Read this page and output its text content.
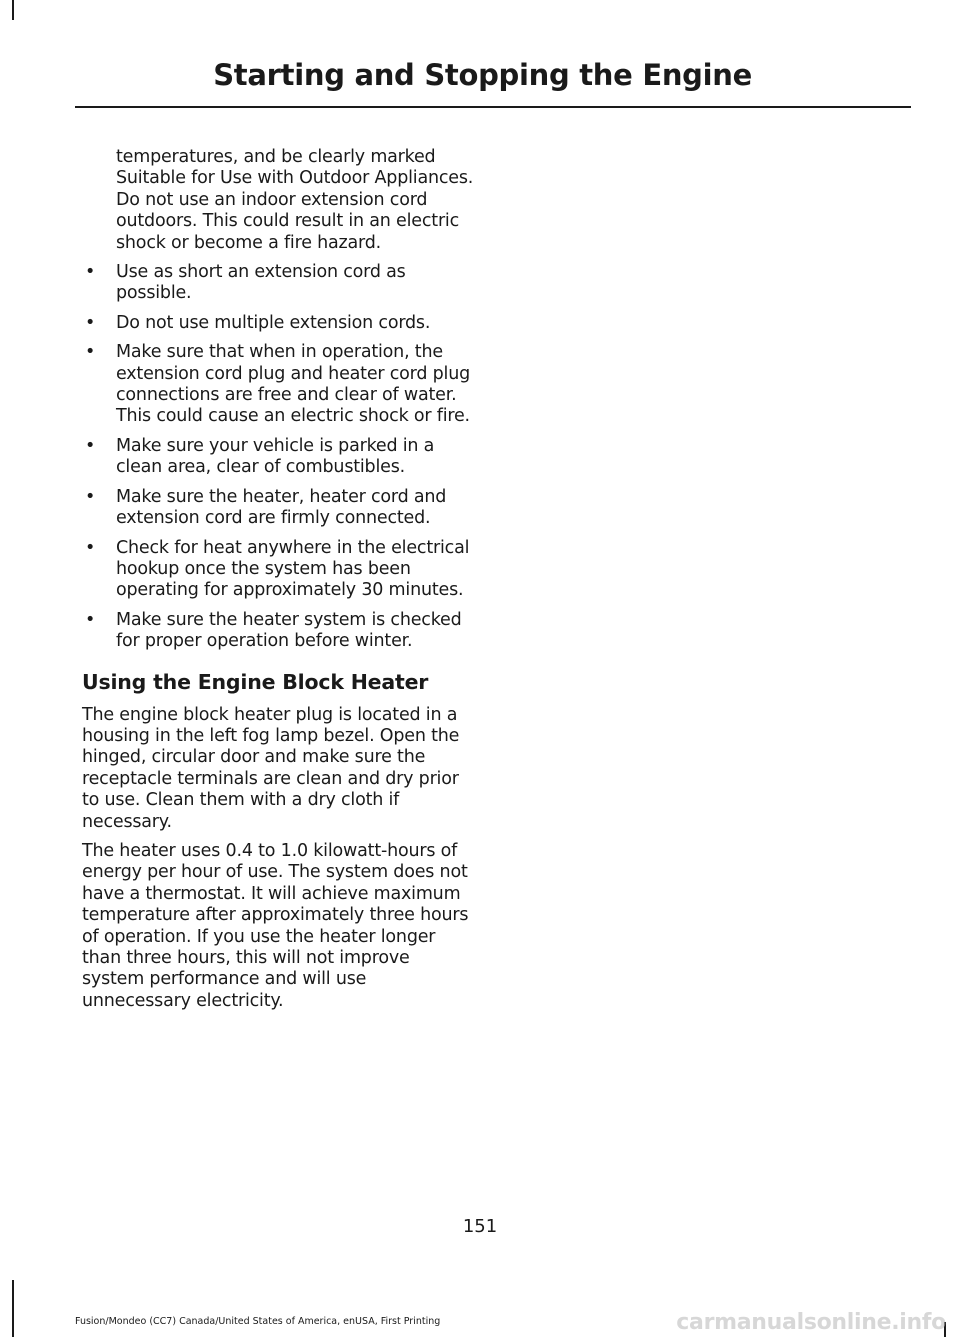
Starting and Stopping the Engine

temperatures, and be clearly marked Suitable for Use with Outdoor Appliances. Do not use an indoor extension cord outdoors. This could result in an electric shock or become a fire hazard.

• Use as short an extension cord as possible.
• Do not use multiple extension cords.
• Make sure that when in operation, the extension cord plug and heater cord plug connections are free and clear of water. This could cause an electric shock or fire.
• Make sure your vehicle is parked in a clean area, clear of combustibles.
• Make sure the heater, heater cord and extension cord are firmly connected.
• Check for heat anywhere in the electrical hookup once the system has been operating for approximately 30 minutes.
• Make sure the heater system is checked for proper operation before winter.
Using the Engine Block Heater

The engine block heater plug is located in a housing in the left fog lamp bezel. Open the hinged, circular door and make sure the receptacle terminals are clean and dry prior to use. Clean them with a dry cloth if necessary.

The heater uses 0.4 to 1.0 kilowatt-hours of energy per hour of use. The system does not have a thermostat. It will achieve maximum temperature after approximately three hours of operation. If you use the heater longer than three hours, this will not improve system performance and will use unnecessary electricity.

151
Fusion/Mondeo (CC7) Canada/United States of America, enUSA, First Printing	carmanualsonline.info
